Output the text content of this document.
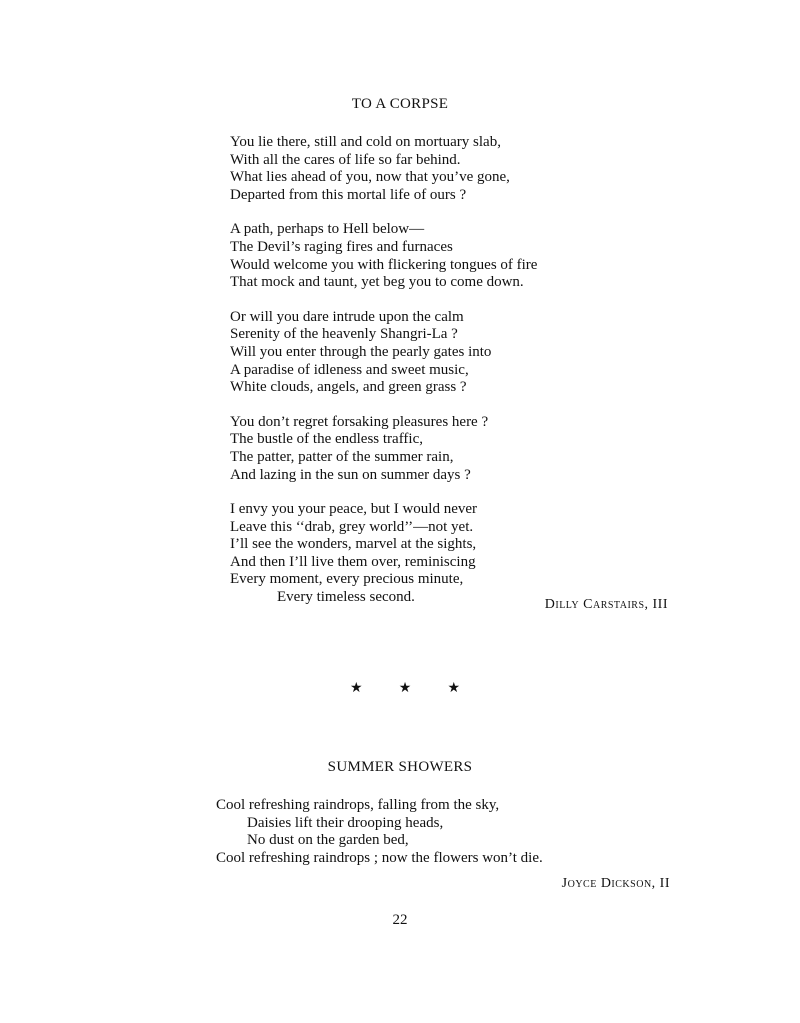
TO A CORPSE
You lie there, still and cold on mortuary slab,
With all the cares of life so far behind.
What lies ahead of you, now that you’ve gone,
Departed from this mortal life of ours ?
A path, perhaps to Hell below—
The Devil’s raging fires and furnaces
Would welcome you with flickering tongues of fire
That mock and taunt, yet beg you to come down.
Or will you dare intrude upon the calm
Serenity of the heavenly Shangri-La ?
Will you enter through the pearly gates into
A paradise of idleness and sweet music,
White clouds, angels, and green grass ?
You don’t regret forsaking pleasures here ?
The bustle of the endless traffic,
The patter, patter of the summer rain,
And lazing in the sun on summer days ?
I envy you your peace, but I would never
Leave this ‘‘drab, grey world’’—not yet.
I’ll see the wonders, marvel at the sights,
And then I’ll live them over, reminiscing
Every moment, every precious minute,
Every timeless second.	Dilly Carstairs, III
★	★	★
SUMMER SHOWERS
Cool refreshing raindrops, falling from the sky,
Daisies lift their drooping heads,
No dust on the garden bed,
Cool refreshing raindrops ; now the flowers won’t die.
Joyce Dickson, II
22
